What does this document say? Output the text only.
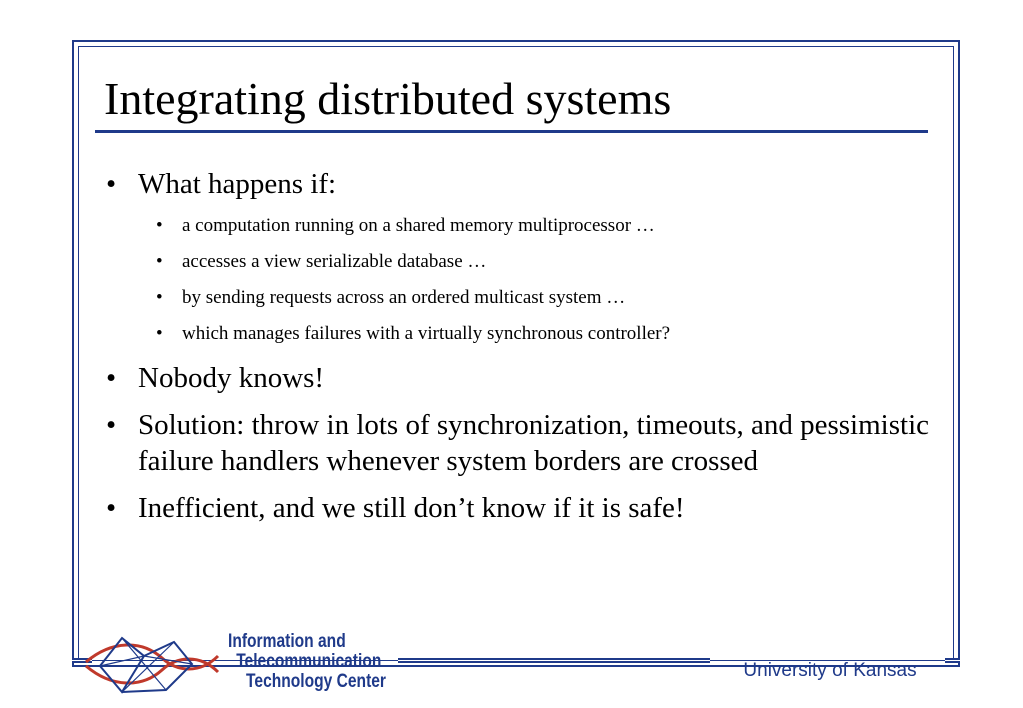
Integrating distributed systems
• What happens if:
• a computation running on a shared memory multiprocessor …
• accesses a view serializable database …
• by sending requests across an ordered multicast system …
• which manages failures with a virtually synchronous controller?
• Nobody knows!
• Solution: throw in lots of synchronization, timeouts, and pessimistic failure handlers whenever system borders are crossed
• Inefficient, and we still don’t know if it is safe!
Information and
Telecommunication
Technology Center
University of Kansas
